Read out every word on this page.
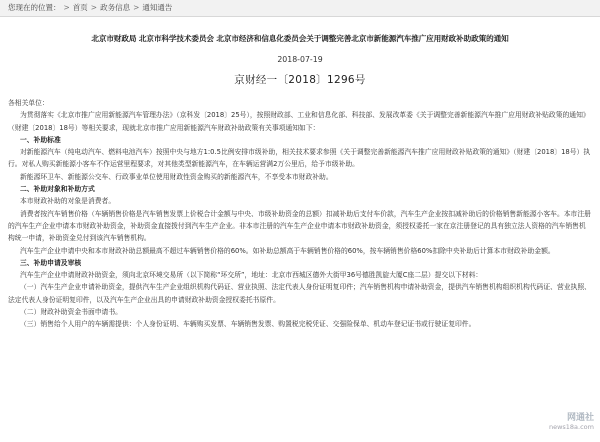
您现在的位置： > 首页 > 政务信息 > 通知通告
北京市财政局 北京市科学技术委员会 北京市经济和信息化委员会关于调整完善北京市新能源汽车推广应用财政补助政策的通知
2018-07-19
京财经一〔2018〕1296号

各相关单位：

为贯彻落实《北京市推广应用新能源汽车管理办法》（京科发〔2018〕25号），按照财政部、工业和信息化部、科技部、发展改革委《关于调整完善新能源汽车推广应用财政补贴政策的通知》（财建〔2018〕18号）等相关要求，现就北京市推广应用新能源汽车财政补助政策有关事项通知如下：

一、补助标准

对新能源汽车（纯电动汽车、燃料电池汽车）按照中央与地方1:0.5比例安排市级补助，相关技术要求参照《关于调整完善新能源汽车推广应用财政补贴政策的通知》（财建〔2018〕18号）执行。对私人购买新能源小客车不作运营里程要求，对其他类型新能源汽车，在车辆运营满2万公里后，给予市级补助。

新能源环卫车、新能源公交车、行政事业单位使用财政性资金购买的新能源汽车，不享受本市财政补助。

二、补助对象和补助方式

本市财政补助的对象是消费者。

消费者按汽车销售价格（车辆销售价格是汽车销售发票上价税合计金额与中央、市级补助资金的总额）扣减补助后支付车价款，汽车生产企业按扣减补助后的价格销售新能源小客车。本市注册的汽车生产企业申请本市财政补助资金，补助资金直接拨付到汽车生产企业。非本市注册的汽车生产企业申请本市财政补助资金，须授权委托一家在京注册登记的具有独立法人资格的汽车销售机构统一申请，补助资金兑付到该汽车销售机构。

汽车生产企业申请中央和本市财政补助总额最高不超过车辆销售价格的60%。如补助总额高于车辆销售价格的60%，按车辆销售价格60%扣除中央补助后计算本市财政补助金额。

三、补助申请及审核

汽车生产企业申请财政补助资金，须向北京环境交易所（以下简称“环交所”，地址：北京市西城区德外大街甲36号德胜凯旋大厦C座二层）提交以下材料：

（一）汽车生产企业申请补助资金，提供汽车生产企业组织机构代码证、营业执照、法定代表人身份证明复印件；汽车销售机构申请补助资金，提供汽车销售机构组织机构代码证、营业执照、法定代表人身份证明复印件，以及汽车生产企业出具的申请财政补助资金授权委托书原件。

（二）财政补助资金书面申请书。

（三）销售给个人用户的车辆需提供：个人身份证明、车辆购买发票、车辆销售发票、购置税完税凭证、交强险保单、机动车登记证书或行驶证复印件。

网通社
news18a.com
